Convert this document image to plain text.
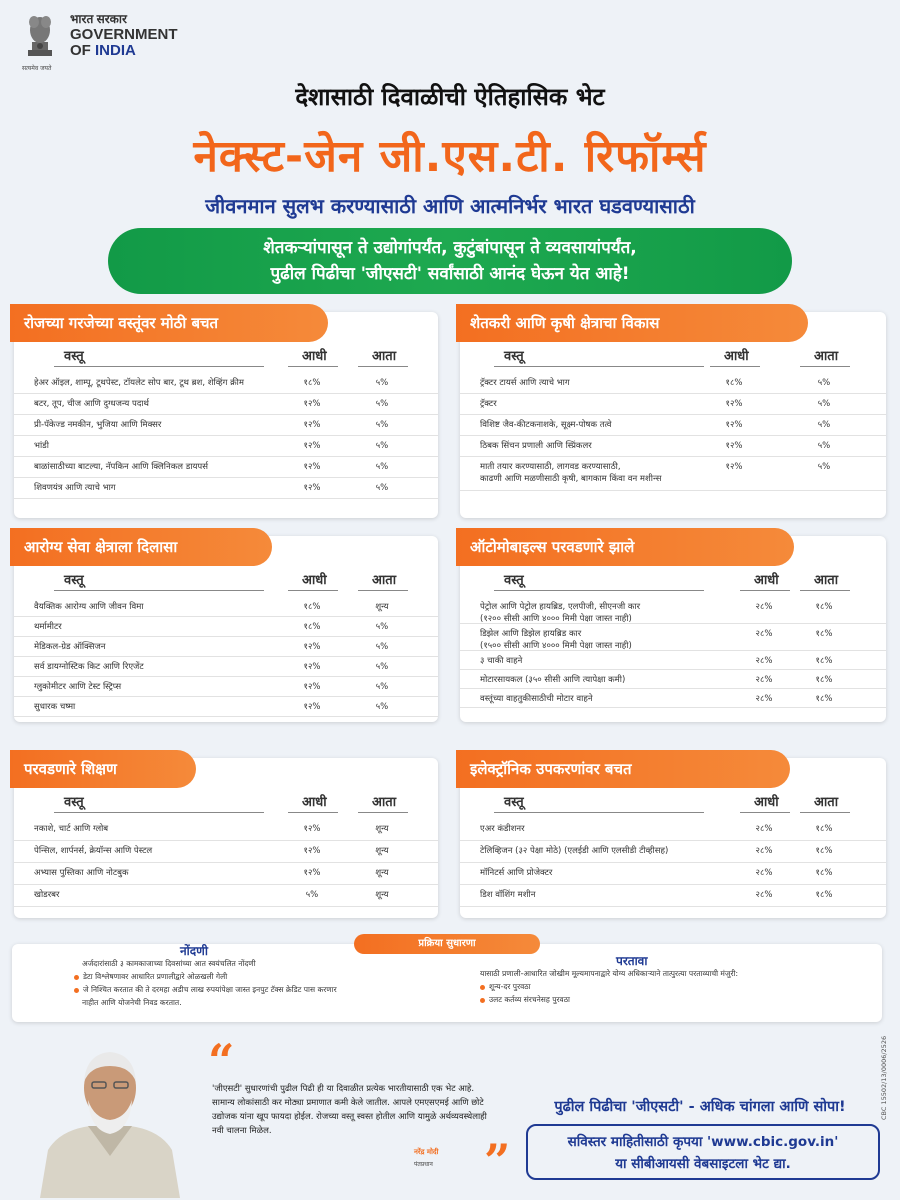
भारत सरकार
GOVERNMENT
OF INDIA
सत्यमेव जयते
देशासाठी दिवाळीची ऐतिहासिक भेट
नेक्स्ट-जेन जी.एस.टी. रिफॉर्म्स
जीवनमान सुलभ करण्यासाठी आणि आत्मनिर्भर भारत घडवण्यासाठी
शेतकऱ्यांपासून ते उद्योगांपर्यंत, कुटुंबांपासून ते व्यवसायांपर्यंत,
पुढील पिढीचा 'जीएसटी' सर्वांसाठी आनंद घेऊन येत आहे!
रोजच्या गरजेच्या वस्तूंवर मोठी बचत
वस्तू	आधी	आता
हेअर ऑइल, शाम्पू, टूथपेस्ट, टॉयलेट सोप बार, टूथ ब्रश, शेव्हिंग क्रीम	१८%	५%
बटर, तूप, चीज आणि दुग्धजन्य पदार्थ	१२%	५%
प्री-पॅकेज्ड नमकीन, भुजिया आणि मिक्सर	१२%	५%
भांडी	१२%	५%
बाळांसाठीच्या बाटल्या, नॅपकिन आणि क्लिनिकल डायपर्स	१२%	५%
शिवणयंत्र आणि त्याचे भाग	१२%	५%
शेतकरी आणि कृषी क्षेत्राचा विकास
वस्तू	आधी	आता
ट्रॅक्टर टायर्स आणि त्याचे भाग	१८%	५%
ट्रॅक्टर	१२%	५%
विशिष्ट जैव-कीटकनाशके, सूक्ष्म-पोषक तत्वे	१२%	५%
ठिबक सिंचन प्रणाली आणि स्प्रिंकलर	१२%	५%
माती तयार करण्यासाठी, लागवड करण्यासाठी,
काढणी आणि मळणीसाठी कृषी, बागकाम किंवा वन मशीन्स
१२%	५%
आरोग्य सेवा क्षेत्राला दिलासा
वस्तू	आधी	आता
वैयक्तिक आरोग्य आणि जीवन विमा	१८%	शून्य
थर्मामीटर	१८%	५%
मेडिकल-ग्रेड ऑक्सिजन	१२%	५%
सर्व डायग्नोस्टिक किट आणि रिएजेंट	१२%	५%
ग्लुकोमीटर आणि टेस्ट स्ट्रिप्स	१२%	५%
सुधारक चष्मा	१२%	५%
ऑटोमोबाइल्स परवडणारे झाले
वस्तू	आधी	आता
पेट्रोल आणि पेट्रोल हायब्रिड, एलपीजी, सीएनजी कार
(१२०० सीसी आणि ४००० मिमी पेक्षा जास्त नाही)
२८%	१८%
डिझेल आणि डिझेल हायब्रिड कार
(१५०० सीसी आणि ४००० मिमी पेक्षा जास्त नाही)
२८%	१८%
३ चाकी वाहने	२८%	१८%
मोटारसायकल (३५० सीसी आणि त्यापेक्षा कमी)	२८%	१८%
वस्तूंच्या वाहतुकीसाठीची मोटार वाहने	२८%	१८%
परवडणारे शिक्षण
वस्तू	आधी	आता
नकाशे, चार्ट आणि ग्लोब	१२%	शून्य
पेन्सिल, शार्पनर्स, क्रेयॉन्स आणि पेस्टल	१२%	शून्य
अभ्यास पुस्तिका आणि नोटबुक	१२%	शून्य
खोडरबर	५%	शून्य
इलेक्ट्रॉनिक उपकरणांवर बचत
वस्तू	आधी	आता
एअर कंडीशनर	२८%	१८%
टेलिव्हिजन (३२ पेक्षा मोठे) (एलईडी आणि एलसीडी टीव्हीसह)	२८%	१८%
मॉनिटर्स आणि प्रोजेक्टर	२८%	१८%
डिश वॉशिंग मशीन	२८%	१८%
प्रक्रिया सुधारणा
नोंदणी
अर्जदारांसाठी ३ कामकाजाच्या दिवसांच्या आत स्वयंचलित नोंदणी
डेटा विश्लेषणावर आधारित प्रणालीद्वारे ओळखली गेली
जे निश्चित करतात की ते दरमहा अडीच लाख रुपयांपेक्षा जास्त इनपुट टॅक्स क्रेडिट पास करणार
नाहीत आणि योजनेची निवड करतात.
परतावा
यासाठी प्रणाली-आधारित जोखीम मूल्यमापनाद्वारे योग्य अधिकाऱ्याने तात्पुरत्या परताव्याची मंजुरी:
शून्य-दर पुरवठा
उलट कर्तव्य संरचनेसह पुरवठा
“
'जीएसटी' सुधारणांची पुढील पिढी ही या दिवाळीत प्रत्येक भारतीयासाठी एक भेट आहे. सामान्य लोकांसाठी कर मोठ्या प्रमाणात कमी केले जातील. आपले एमएसएमई आणि छोटे उद्योजक यांना खूप फायदा होईल. रोजच्या वस्तू स्वस्त होतील आणि यामुळे अर्थव्यवस्थेलाही नवी चालना मिळेल.
नरेंद्र मोदी
पंतप्रधान ”
पुढील पिढीचा 'जीएसटी' - अधिक चांगला आणि सोपा!
सविस्तर माहितीसाठी कृपया 'www.cbic.gov.in'
या सीबीआयसी वेबसाइटला भेट द्या.
CBC 15502/13/0006/2526
